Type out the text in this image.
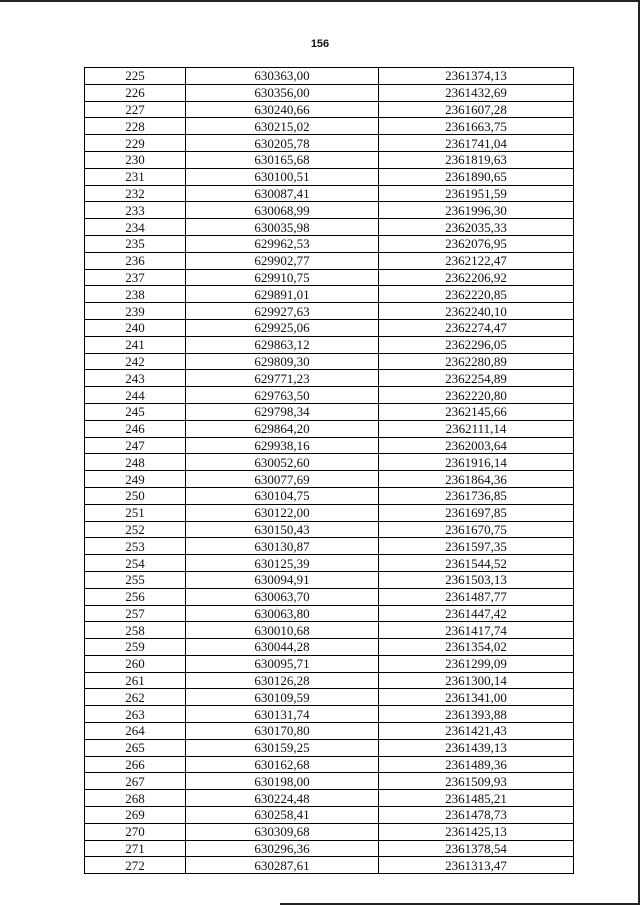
156
225	630363,00	2361374,13
226	630356,00	2361432,69
227	630240,66	2361607,28
228	630215,02	2361663,75
229	630205,78	2361741,04
230	630165,68	2361819,63
231	630100,51	2361890,65
232	630087,41	2361951,59
233	630068,99	2361996,30
234	630035,98	2362035,33
235	629962,53	2362076,95
236	629902,77	2362122,47
237	629910,75	2362206,92
238	629891,01	2362220,85
239	629927,63	2362240,10
240	629925,06	2362274,47
241	629863,12	2362296,05
242	629809,30	2362280,89
243	629771,23	2362254,89
244	629763,50	2362220,80
245	629798,34	2362145,66
246	629864,20	2362111,14
247	629938,16	2362003,64
248	630052,60	2361916,14
249	630077,69	2361864,36
250	630104,75	2361736,85
251	630122,00	2361697,85
252	630150,43	2361670,75
253	630130,87	2361597,35
254	630125,39	2361544,52
255	630094,91	2361503,13
256	630063,70	2361487,77
257	630063,80	2361447,42
258	630010,68	2361417,74
259	630044,28	2361354,02
260	630095,71	2361299,09
261	630126,28	2361300,14
262	630109,59	2361341,00
263	630131,74	2361393,88
264	630170,80	2361421,43
265	630159,25	2361439,13
266	630162,68	2361489,36
267	630198,00	2361509,93
268	630224,48	2361485,21
269	630258,41	2361478,73
270	630309,68	2361425,13
271	630296,36	2361378,54
272	630287,61	2361313,47
